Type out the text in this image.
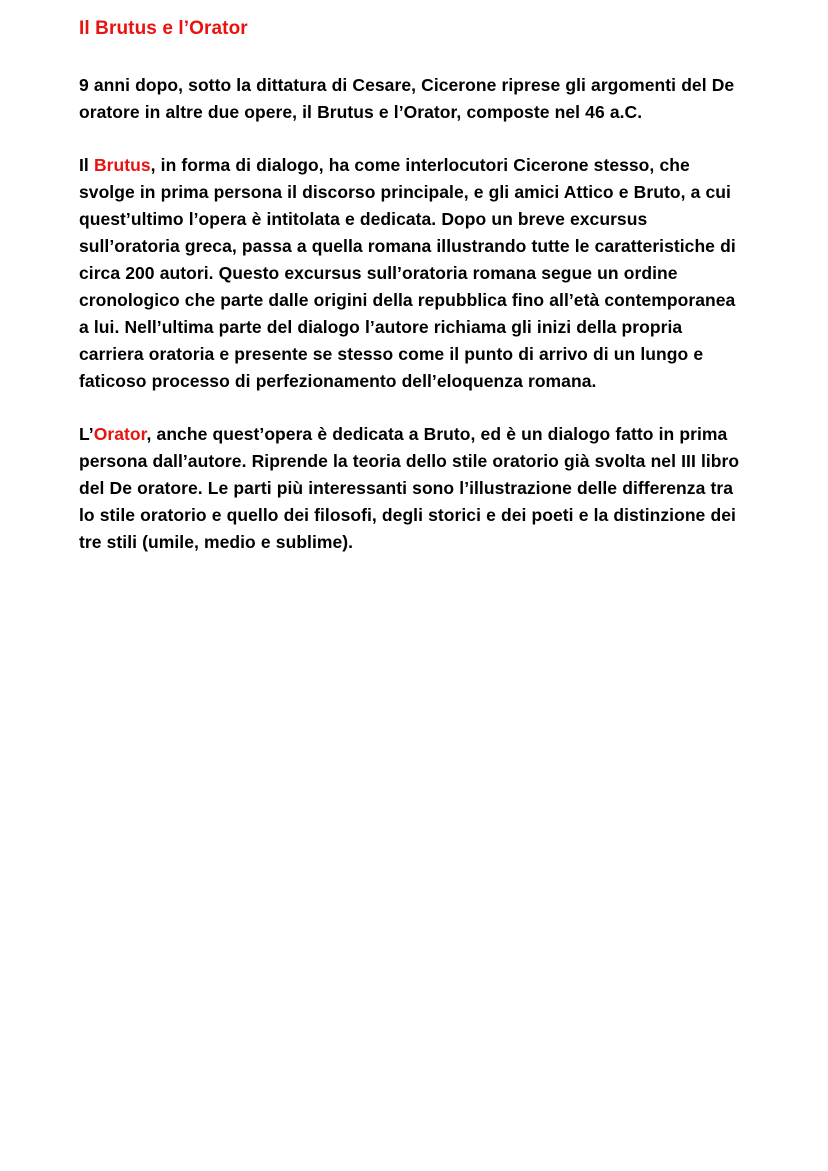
Il Brutus e l’Orator

9 anni dopo, sotto la dittatura di Cesare, Cicerone riprese gli argomenti del De oratore in altre due opere, il Brutus e l’Orator, composte nel 46 a.C.

Il Brutus, in forma di dialogo, ha come interlocutori Cicerone stesso, che svolge in prima persona il discorso principale, e gli amici Attico e Bruto, a cui quest’ultimo l’opera è intitolata e dedicata. Dopo un breve excursus sull’oratoria greca, passa a quella romana illustrando tutte le caratteristiche di circa 200 autori. Questo excursus sull’oratoria romana segue un ordine cronologico che parte dalle origini della repubblica fino all’età contemporanea a lui. Nell’ultima parte del dialogo l’autore richiama gli inizi della propria carriera oratoria e presente se stesso come il punto di arrivo di un lungo e faticoso processo di perfezionamento dell’eloquenza romana.

L’Orator, anche quest’opera è dedicata a Bruto, ed è un dialogo fatto in prima persona dall’autore. Riprende la teoria dello stile oratorio già svolta nel III libro del De oratore. Le parti più interessanti sono l’illustrazione delle differenza tra lo stile oratorio e quello dei filosofi, degli storici e dei poeti e la distinzione dei tre stili (umile, medio e sublime).
